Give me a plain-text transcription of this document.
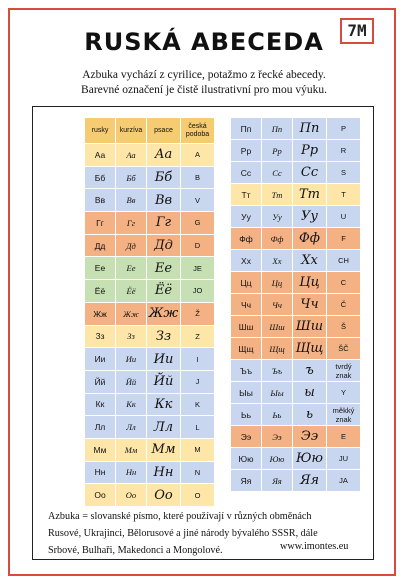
RUSKÁ ABECEDA	7M
Azbuka vychází z cyrilice, potažmo z řecké abecedy.
Barevné označení je čistě ilustrativní pro mou výuku.
rusky	kurzíva	psace	česká podoba
Аа	Аа	Аа	A
Бб	Бб	Бб	B
Вв	Вв	Вв	V
Гг	Гг	Гг	G
Дд	Дд	Дд	D
Ее	Ее	Ее	JE
Ёё	Ёё	Ёё	JO
Жж	Жж	Жж	Ž
Зз	Зз	Зз	Z
Ии	Ии	Ии	I
Йй	Йй	Йй	J
Кк	Кк	Кк	K
Лл	Лл	Лл	L
Мм	Мм	Мм	M
Нн	Нн	Нн	N
Оо	Оо	Оо	O
Пп	Пп	Пп	P
Рр	Рр	Рр	R
Сс	Сс	Сс	S
Тт	Тт	Тт	T
Уу	Уу	Уу	U
Фф	Фф	Фф	F
Хх	Хх	Хх	CH
Цц	Цц	Цц	C
Чч	Чч	Чч	Č
Шш	Шш	Шш	Š
Щщ	Щщ	Щщ	ŠČ
Ъъ	Ъъ	ъ	tvrdý znak
Ыы	Ыы	ы	Y
Ьь	Ьь	ь	měkký znak
Ээ	Ээ	Ээ	E
Юю	Юю	Юю	JU
Яя	Яя	Яя	JA
Azbuka = slovanské písmo, které používají v různých obměnách
Rusové, Ukrajinci, Bělorusové a jiné národy bývalého SSSR, dále
Srbové, Bulhaři, Makedonci a Mongolové.	www.imontes.eu
